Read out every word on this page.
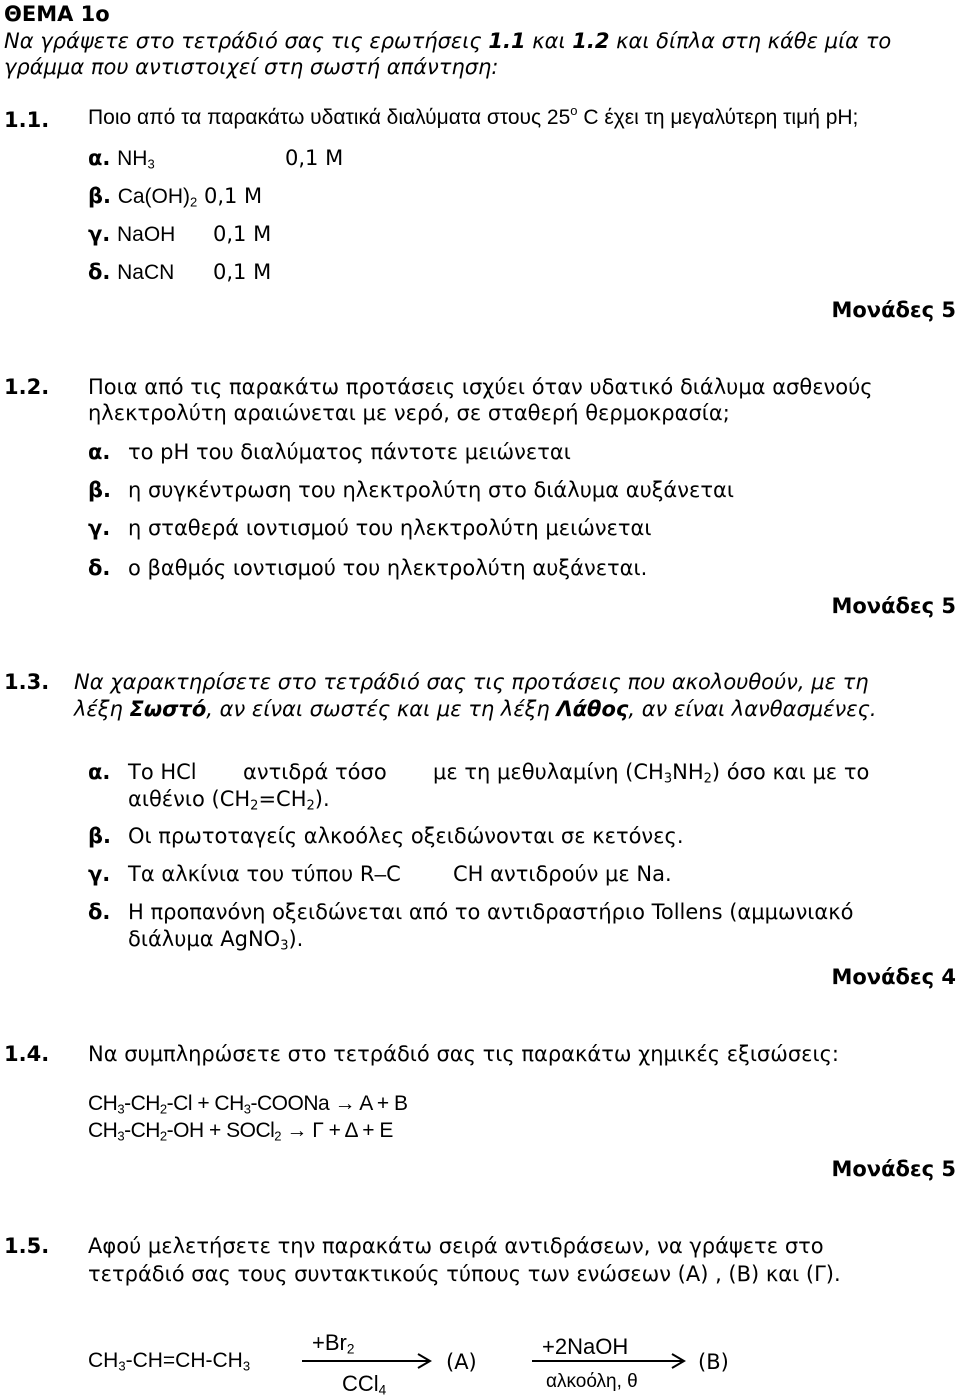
ΘΕΜΑ 1ο
Να γράψετε στο τετράδιό σας τις ερωτήσεις 1.1 και 1.2 και δίπλα στη κάθε μία το
γράμμα που αντιστοιχεί στη σωστή απάντηση:
1.1. Ποιο από τα παρακάτω υδατικά διαλύματα στους 25$^o$ C έχει τη μεγαλύτερη τιμή pH;
α. $NH_3$	0,1 M
β. $Ca(OH)_2$ 0,1 M
γ. NaOH 0,1 M
δ. NaCN 0,1 M
Μονάδες 5
1.2. Ποια από τις παρακάτω προτάσεις ισχύει όταν υδατικό διάλυμα ασθενούς
ηλεκτρολύτη αραιώνεται με νερό, σε σταθερή θερμοκρασία;
α. το pH του διαλύματος πάντοτε μειώνεται
β. η συγκέντρωση του ηλεκτρολύτη στο διάλυμα αυξάνεται
γ. η σταθερά ιοντισμού του ηλεκτρολύτη μειώνεται
δ. ο βαθμός ιοντισμού του ηλεκτρολύτη αυξάνεται.
Μονάδες 5
1.3. Να χαρακτηρίσετε στο τετράδιό σας τις προτάσεις που ακολουθούν, με τη
λέξη Σωστό, αν είναι σωστές και με τη λέξη Λάθος, αν είναι λανθασμένες.
α. Το HCl αντιδρά τόσο με τη μεθυλαμίνη $(CH_3NH_2)$ όσο και με το
αιθένιο $(CH_2=CH_2)$.
β. Οι πρωτοταγείς αλκοόλες οξειδώνονται σε κετόνες.
γ. Τα αλκίνια του τύπου R–C CH αντιδρούν με Na.
δ. Η προπανόνη οξειδώνεται από το αντιδραστήριο Tollens (αμμωνιακό
διάλυμα AgNO$_3$).
Μονάδες 4
1.4. Να συμπληρώσετε στο τετράδιό σας τις παρακάτω χημικές εξισώσεις:
$CH_3-CH_2-Cl$ + $CH_3$-COONa → A + B
$CH_3-CH_2-OH$ + SOCl$_2$ → Γ + Δ + Ε
Μονάδες 5
1.5. Αφού μελετήσετε την παρακάτω σειρά αντιδράσεων, να γράψετε στο
τετράδιό σας τους συντακτικούς τύπους των ενώσεων (Α) , (Β) και (Γ).
$CH_3-CH=CH-CH_3$
$+Br_2$
CCl$_4$
(A)
+2NaOH
αλκοόλη, θ
(B)
